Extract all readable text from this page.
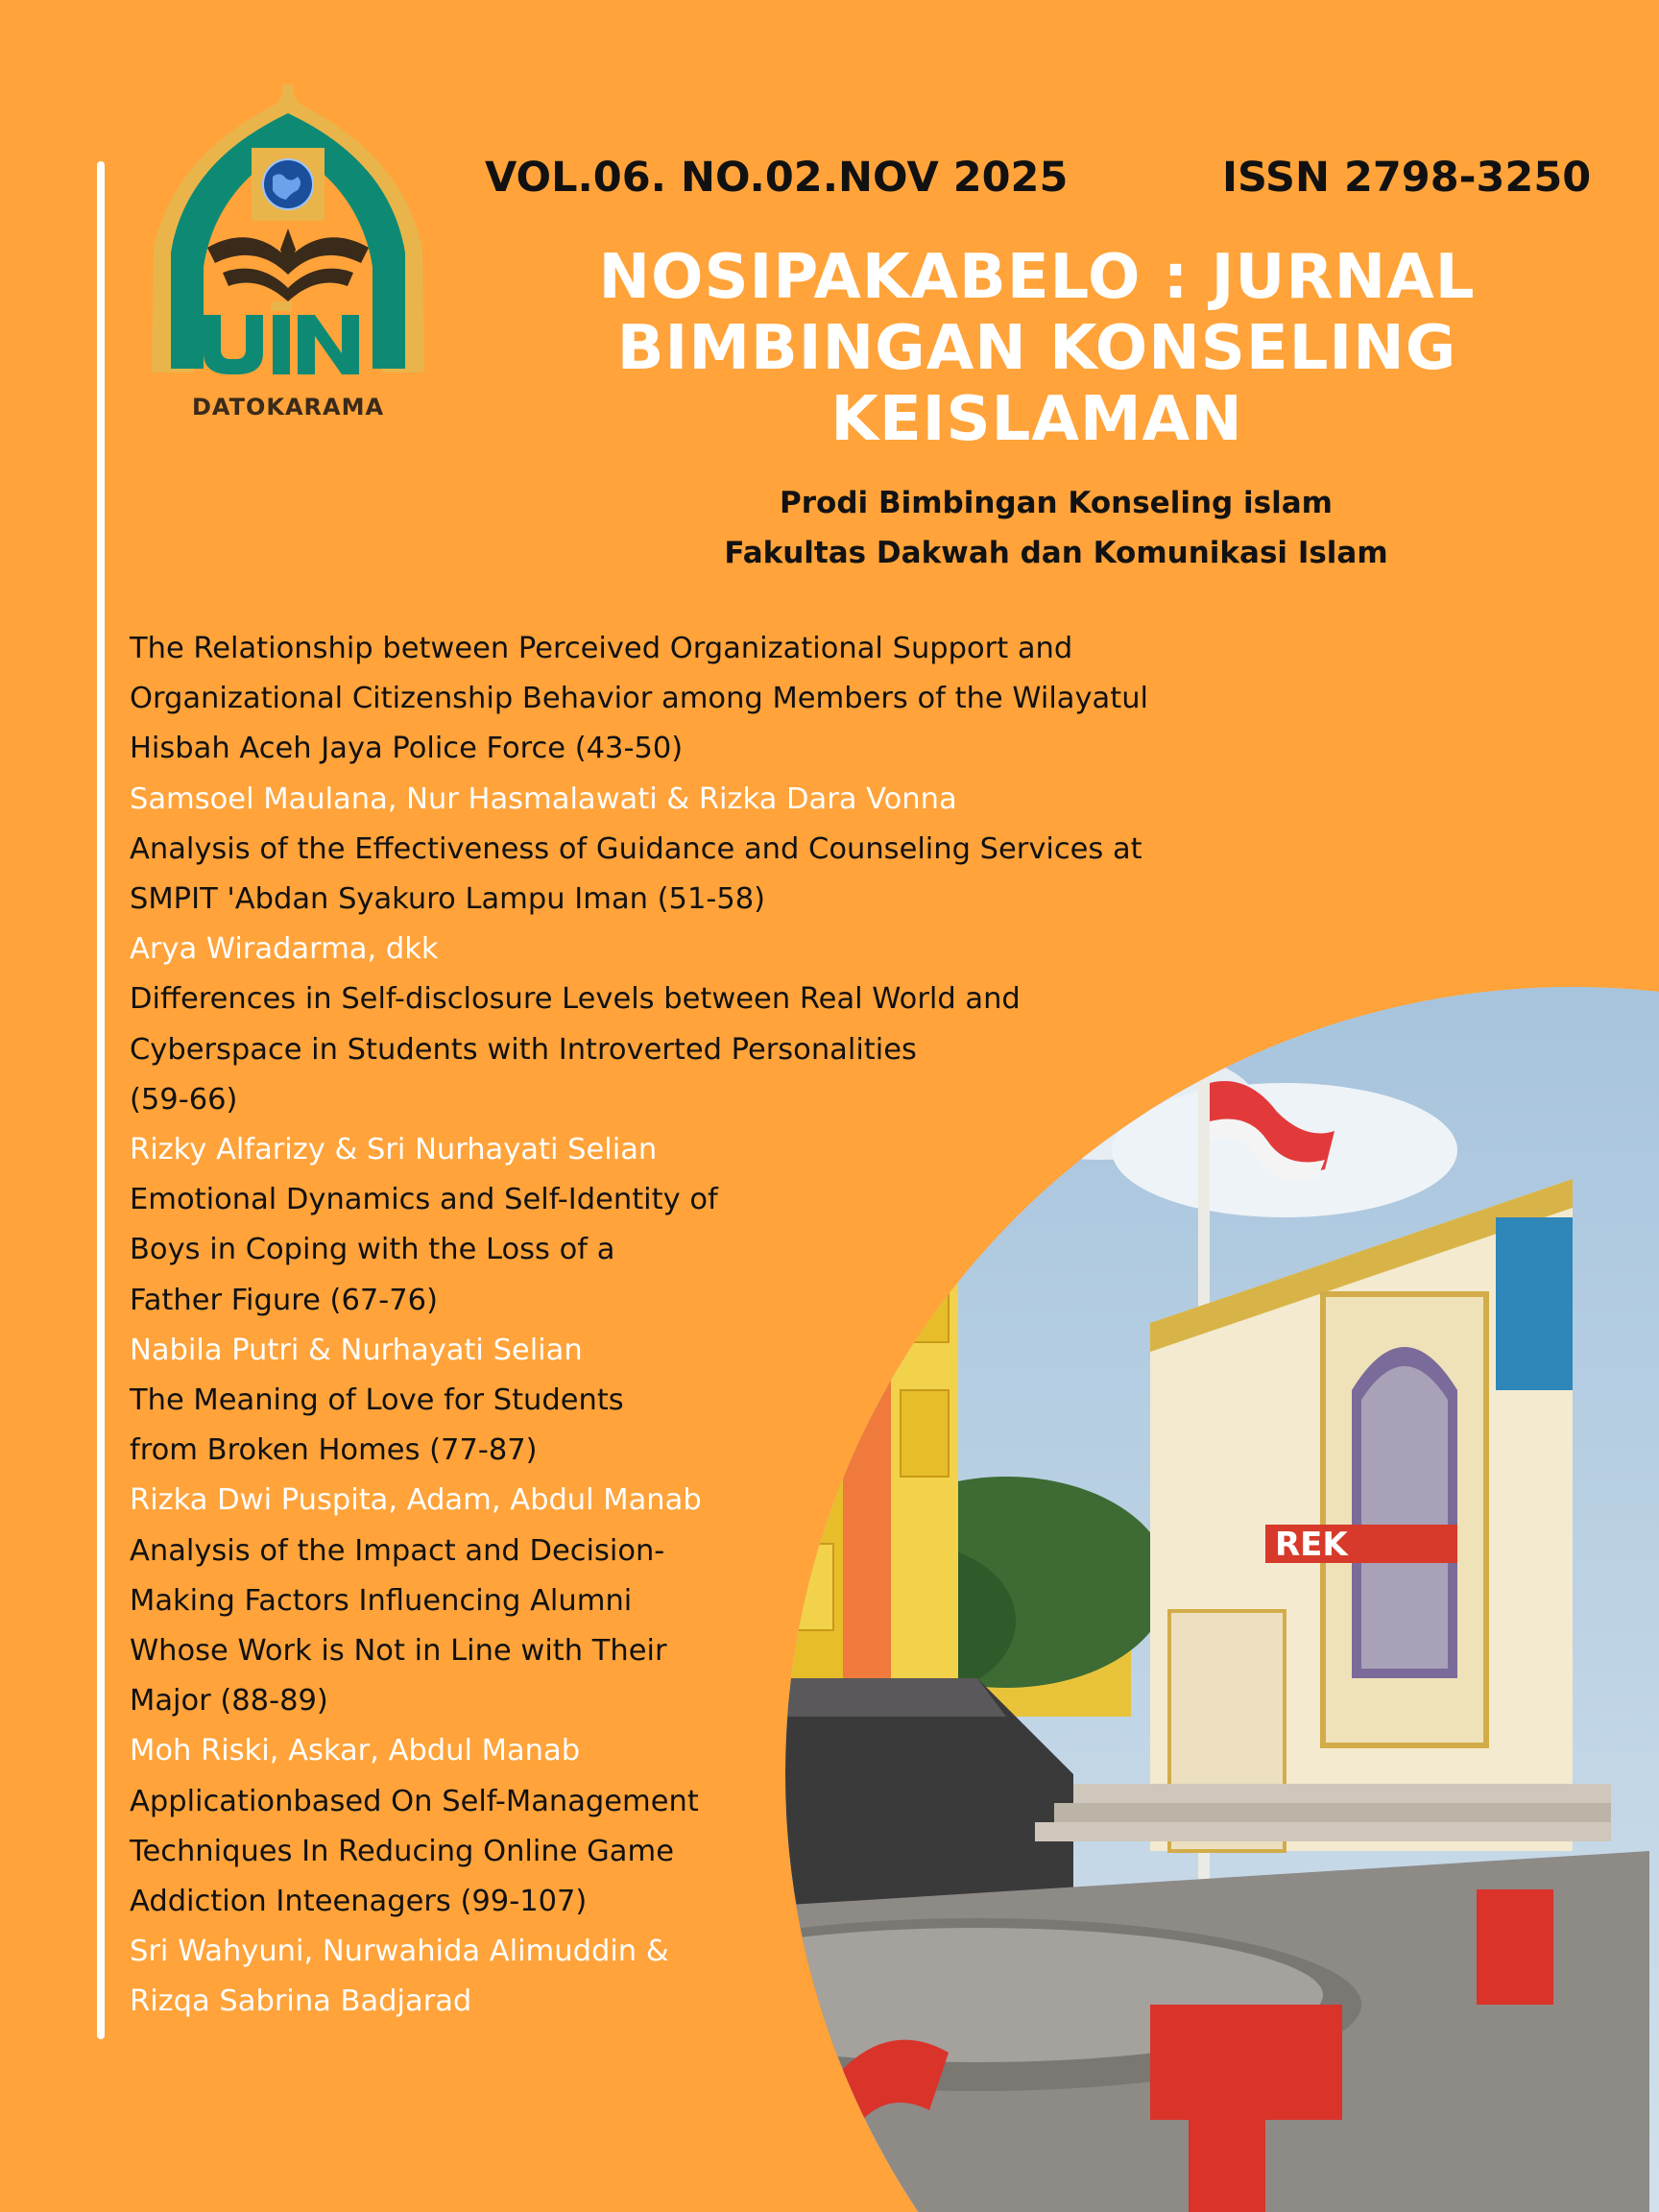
DATOKARAMA
VOL.06. NO.02.NOV 2025	ISSN 2798-3250
NOSIPAKABELO : JURNAL
BIMBINGAN KONSELING
KEISLAMAN
Prodi Bimbingan Konseling islam
Fakultas Dakwah dan Komunikasi Islam
REK
The Relationship between Perceived Organizational Support and
Organizational Citizenship Behavior among Members of the Wilayatul
Hisbah Aceh Jaya Police Force (43-50)
Samsoel Maulana, Nur Hasmalawati & Rizka Dara Vonna
Analysis of the Effectiveness of Guidance and Counseling Services at
SMPIT 'Abdan Syakuro Lampu Iman (51-58)
Arya Wiradarma, dkk
Differences in Self-disclosure Levels between Real World and
Cyberspace in Students with Introverted Personalities
(59-66)
Rizky Alfarizy & Sri Nurhayati Selian
Emotional Dynamics and Self-Identity of
Boys in Coping with the Loss of a
Father Figure (67-76)
Nabila Putri & Nurhayati Selian
The Meaning of Love for Students
from Broken Homes (77-87)
Rizka Dwi Puspita, Adam, Abdul Manab
Analysis of the Impact and Decision-
Making Factors Influencing Alumni
Whose Work is Not in Line with Their
Major (88-89)
Moh Riski, Askar, Abdul Manab
Applicationbased On Self-Management
Techniques In Reducing Online Game
Addiction Inteenagers (99-107)
Sri Wahyuni, Nurwahida Alimuddin &
Rizqa Sabrina Badjarad
